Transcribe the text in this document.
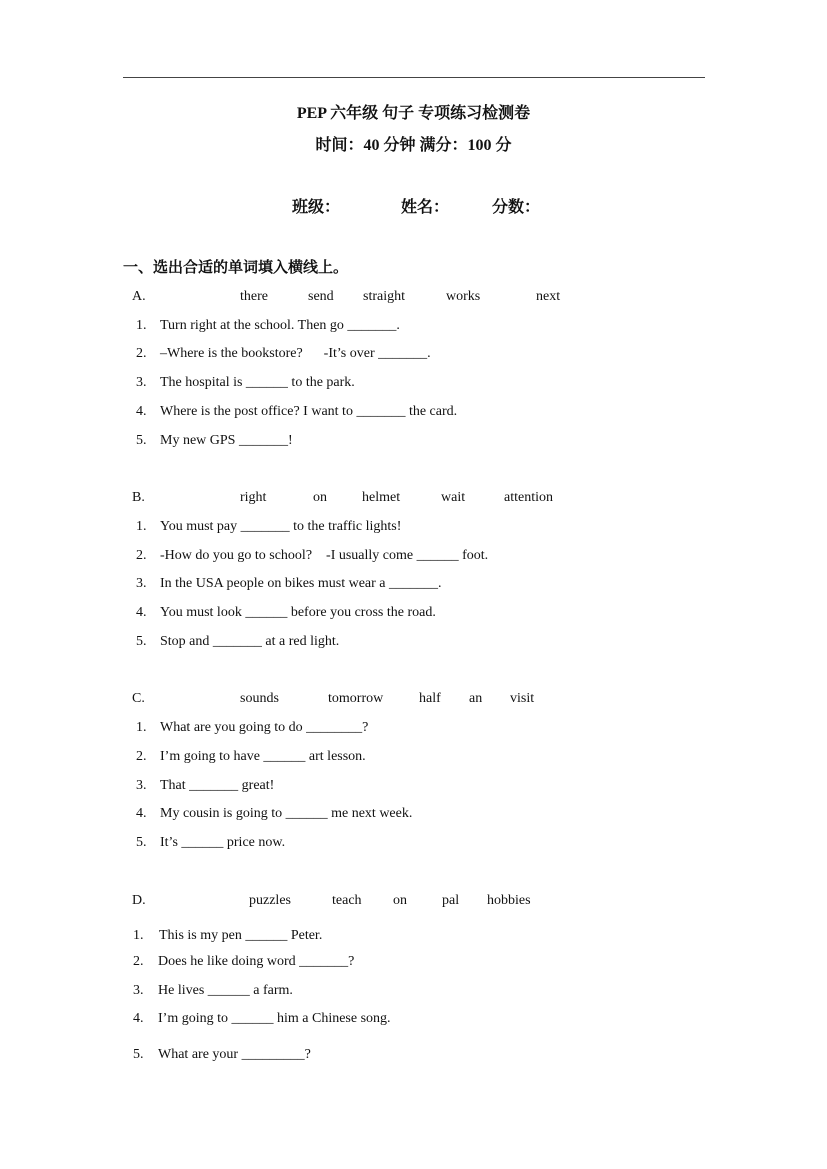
PEP 六年级 句子 专项练习检测卷
时间：40 分钟 满分：100 分
班级：	姓名：	分数：
一、选出合适的单词填入横线上。
A.	there	send straight	works	next
1. Turn right at the school. Then go _______.
2. –Where is the bookstore?      -It’s over _______.
3. The hospital is ______ to the park.
4. Where is the post office? I want to _______ the card.
5. My new GPS _______!
B.	right	on	helmet	wait	attention
1. You must pay _______ to the traffic lights!
2. -How do you go to school?    -I usually come ______ foot.
3. In the USA people on bikes must wear a _______.
4. You must look ______ before you cross the road.
5. Stop and _______ at a red light.
C.	sounds	tomorrow	half an visit
1. What are you going to do ________?
2. I’m going to have ______ art lesson.
3. That _______ great!
4. My cousin is going to ______ me next week.
5. It’s ______ price now.
D.	puzzles	teach on	pal hobbies
1. This is my pen ______ Peter.
2. Does he like doing word _______?
3. He lives ______ a farm.
4. I’m going to ______ him a Chinese song.
5. What are your _________?
